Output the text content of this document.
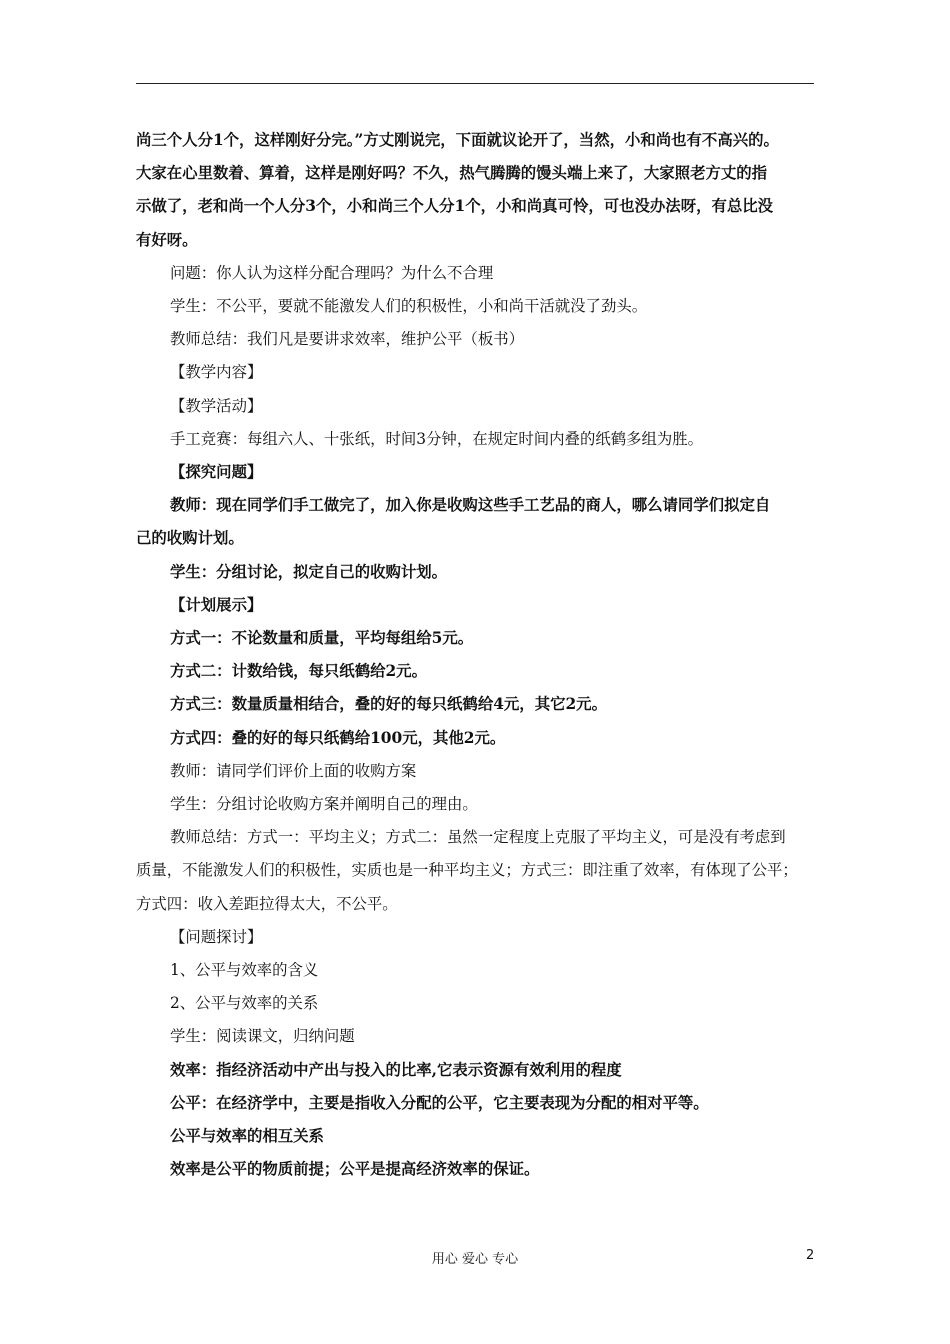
尚三个人分1个，这样刚好分完。”方丈刚说完，下面就议论开了，当然，小和尚也有不高兴的。

大家在心里数着、算着，这样是刚好吗？不久，热气腾腾的馒头端上来了，大家照老方丈的指

示做了，老和尚一个人分3个，小和尚三个人分1个，小和尚真可怜，可也没办法呀，有总比没

有好呀。

问题：你人认为这样分配合理吗？为什么不合理

学生：不公平，要就不能激发人们的积极性，小和尚干活就没了劲头。

教师总结：我们凡是要讲求效率，维护公平（板书）

【教学内容】

【教学活动】

手工竞赛：每组六人、十张纸，时间3分钟，在规定时间内叠的纸鹤多组为胜。

【探究问题】

教师：现在同学们手工做完了，加入你是收购这些手工艺品的商人，哪么请同学们拟定自

己的收购计划。

学生：分组讨论，拟定自己的收购计划。

【计划展示】

方式一：不论数量和质量，平均每组给5元。

方式二：计数给钱，每只纸鹤给2元。

方式三：数量质量相结合，叠的好的每只纸鹤给4元，其它2元。

方式四：叠的好的每只纸鹤给100元，其他2元。

教师：请同学们评价上面的收购方案

学生：分组讨论收购方案并阐明自己的理由。

教师总结：方式一：平均主义；方式二：虽然一定程度上克服了平均主义，可是没有考虑到

质量，不能激发人们的积极性，实质也是一种平均主义；方式三：即注重了效率，有体现了公平；

方式四：收入差距拉得太大，不公平。

【问题探讨】

1、公平与效率的含义

2、公平与效率的关系

学生：阅读课文，归纳问题

效率：指经济活动中产出与投入的比率,它表示资源有效利用的程度

公平：在经济学中，主要是指收入分配的公平，它主要表现为分配的相对平等。

公平与效率的相互关系

效率是公平的物质前提；公平是提高经济效率的保证。

用心 爱心 专心	2
